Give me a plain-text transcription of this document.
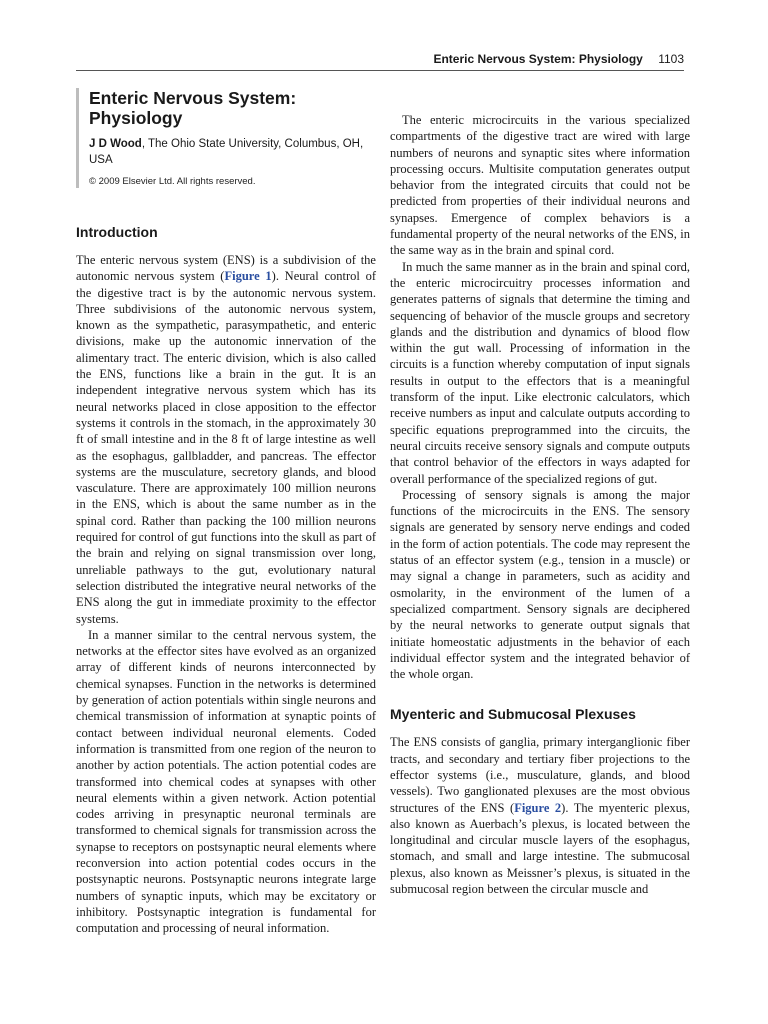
Enteric Nervous System: Physiology 1103
Enteric Nervous System: Physiology

J D Wood, The Ohio State University, Columbus, OH, USA

© 2009 Elsevier Ltd. All rights reserved.
Introduction

The enteric nervous system (ENS) is a subdivision of the autonomic nervous system (Figure 1). Neural control of the digestive tract is by the autonomic nervous system. Three subdivisions of the autonomic nervous system, known as the sympathetic, parasympathetic, and enteric divisions, make up the autonomic innervation of the alimentary tract. The enteric division, which is also called the ENS, functions like a brain in the gut. It is an independent integrative nervous system which has its neural networks placed in close apposition to the effector systems it controls in the stomach, in the approximately 30 ft of small intestine and in the 8 ft of large intestine as well as the esophagus, gallbladder, and pancreas. The effector systems are the musculature, secretory glands, and blood vasculature. There are approximately 100 million neurons in the ENS, which is about the same number as in the spinal cord. Rather than packing the 100 million neurons required for control of gut functions into the skull as part of the brain and relying on signal transmission over long, unreliable pathways to the gut, evolutionary natural selection distributed the integrative neural networks of the ENS along the gut in immediate proximity to the effector systems.

In a manner similar to the central nervous system, the networks at the effector sites have evolved as an organized array of different kinds of neurons interconnected by chemical synapses. Function in the networks is determined by generation of action potentials within single neurons and chemical transmission of information at synaptic points of contact between individual neuronal elements. Coded information is transmitted from one region of the neuron to another by action potentials. The action potential codes are transformed into chemical codes at synapses with other neural elements within a given network. Action potential codes arriving in presynaptic neuronal terminals are transformed to chemical signals for transmission across the synapse to receptors on postsynaptic neural elements where reconversion into action potential codes occurs in the postsynaptic neurons. Postsynaptic neurons integrate large numbers of synaptic inputs, which may be excitatory or inhibitory. Postsynaptic integration is fundamental for computation and processing of neural information.

The enteric microcircuits in the various specialized compartments of the digestive tract are wired with large numbers of neurons and synaptic sites where information processing occurs. Multisite computation generates output behavior from the integrated circuits that could not be predicted from properties of their individual neurons and synapses. Emergence of complex behaviors is a fundamental property of the neural networks of the ENS, in the same way as in the brain and spinal cord.

In much the same manner as in the brain and spinal cord, the enteric microcircuitry processes information and generates patterns of signals that determine the timing and sequencing of behavior of the muscle groups and secretory glands and the distribution and dynamics of blood flow within the gut wall. Processing of information in the circuits is a function whereby computation of input signals results in output to the effectors that is a meaningful transform of the input. Like electronic calculators, which receive numbers as input and calculate outputs according to specific equations preprogrammed into the circuits, the neural circuits receive sensory signals and compute outputs that control behavior of the effectors in ways adapted for overall performance of the specialized regions of gut.

Processing of sensory signals is among the major functions of the microcircuits in the ENS. The sensory signals are generated by sensory nerve endings and coded in the form of action potentials. The code may represent the status of an effector system (e.g., tension in a muscle) or may signal a change in parameters, such as acidity and osmolarity, in the environment of the lumen of a specialized compartment. Sensory signals are deciphered by the neural networks to generate output signals that initiate homeostatic adjustments in the behavior of each individual effector system and the integrated behavior of the whole organ.

Myenteric and Submucosal Plexuses

The ENS consists of ganglia, primary interganglionic fiber tracts, and secondary and tertiary fiber projections to the effector systems (i.e., musculature, glands, and blood vessels). Two ganglionated plexuses are the most obvious structures of the ENS (Figure 2). The myenteric plexus, also known as Auerbach’s plexus, is located between the longitudinal and circular muscle layers of the esophagus, stomach, and small and large intestine. The submucosal plexus, also known as Meissner’s plexus, is situated in the submucosal region between the circular muscle and
